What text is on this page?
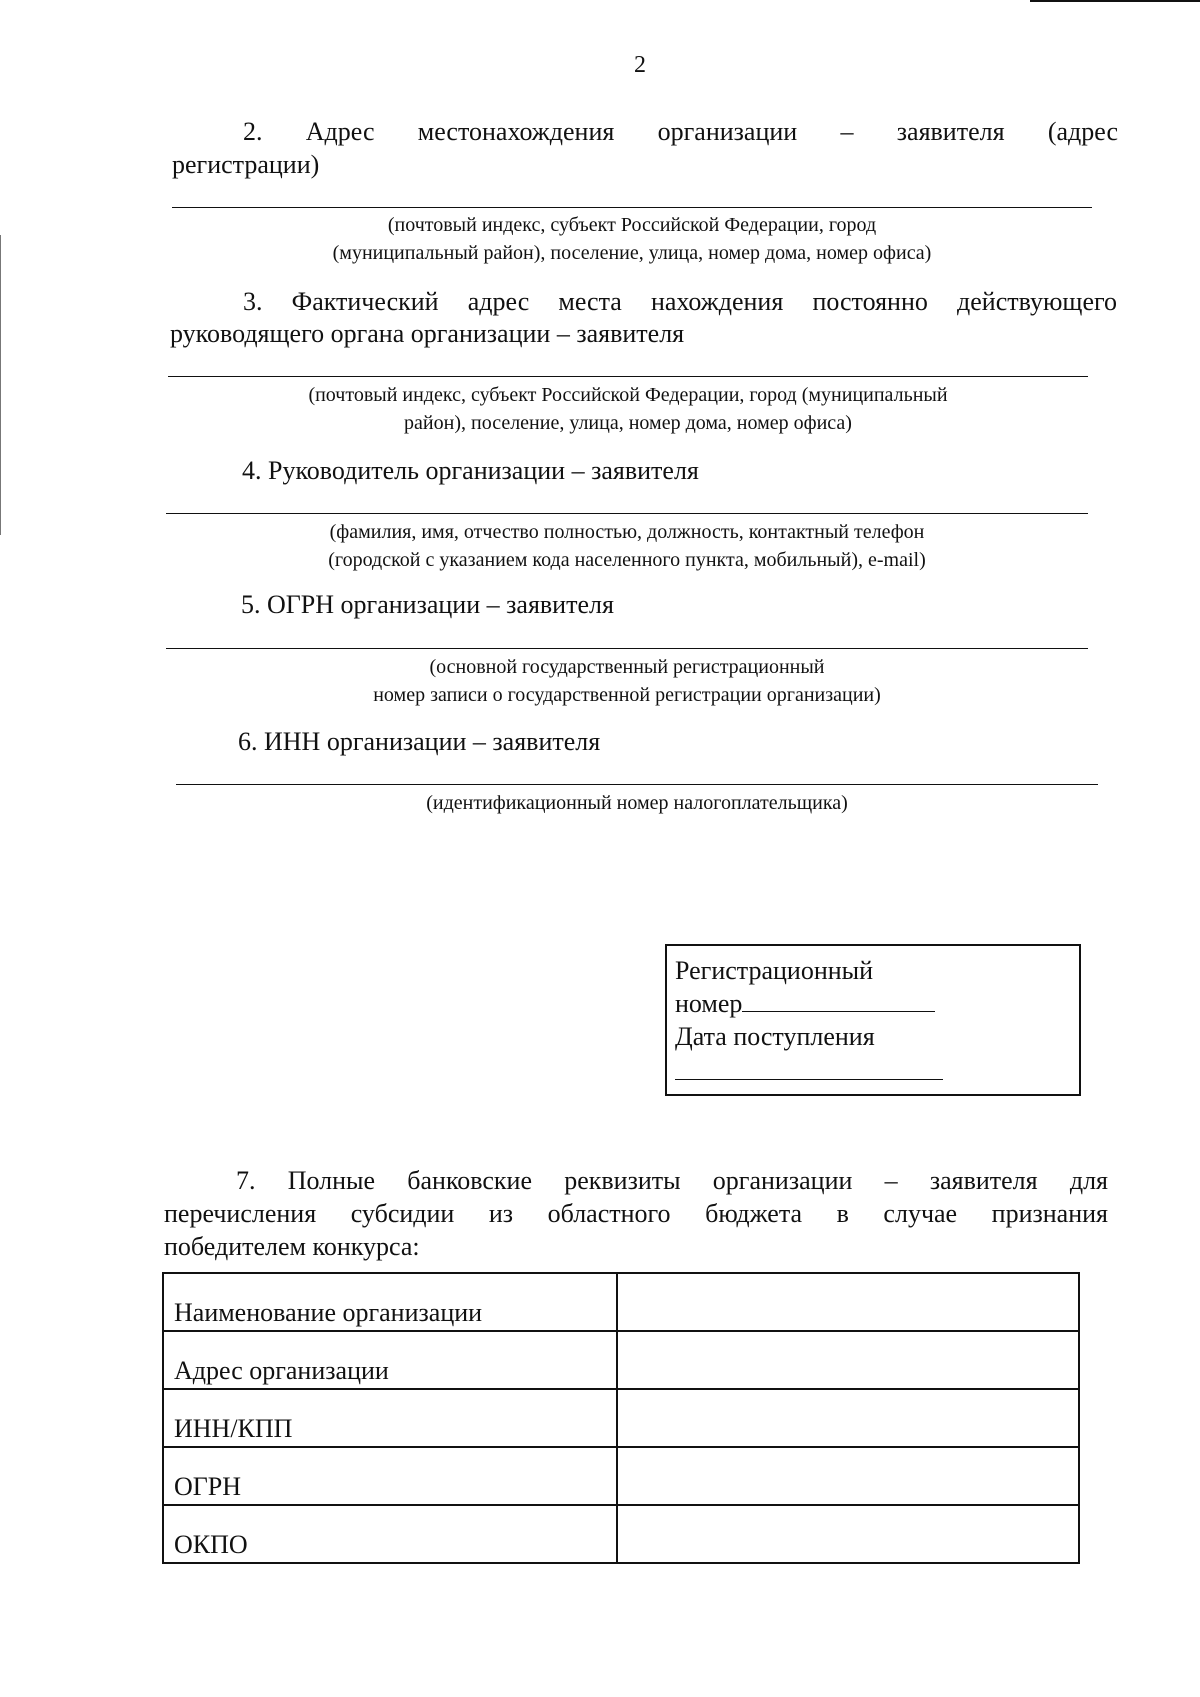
2
2. Адрес местонахождения организации – заявителя (адрес
регистрации)
(почтовый индекс, субъект Российской Федерации, город
(муниципальный район), поселение, улица, номер дома, номер офиса)
3. Фактический адрес места нахождения постоянно действующего
руководящего органа организации – заявителя
(почтовый индекс, субъект Российской Федерации, город (муниципальный
район), поселение, улица, номер дома, номер офиса)
4. Руководитель организации – заявителя
(фамилия, имя, отчество полностью, должность, контактный телефон
(городской с указанием кода населенного пункта, мобильный), e-mail)
5. ОГРН организации – заявителя
(основной государственный регистрационный
номер записи о государственной регистрации организации)
6. ИНН организации – заявителя
(идентификационный номер налогоплательщика)
Регистрационный
номер
Дата поступления
7. Полные банковские реквизиты организации – заявителя для
перечисления субсидии из областного бюджета в случае признания
победителем конкурса:
Наименование организации	
Адрес организации	
ИНН/КПП	
ОГРН	
ОКПО	
